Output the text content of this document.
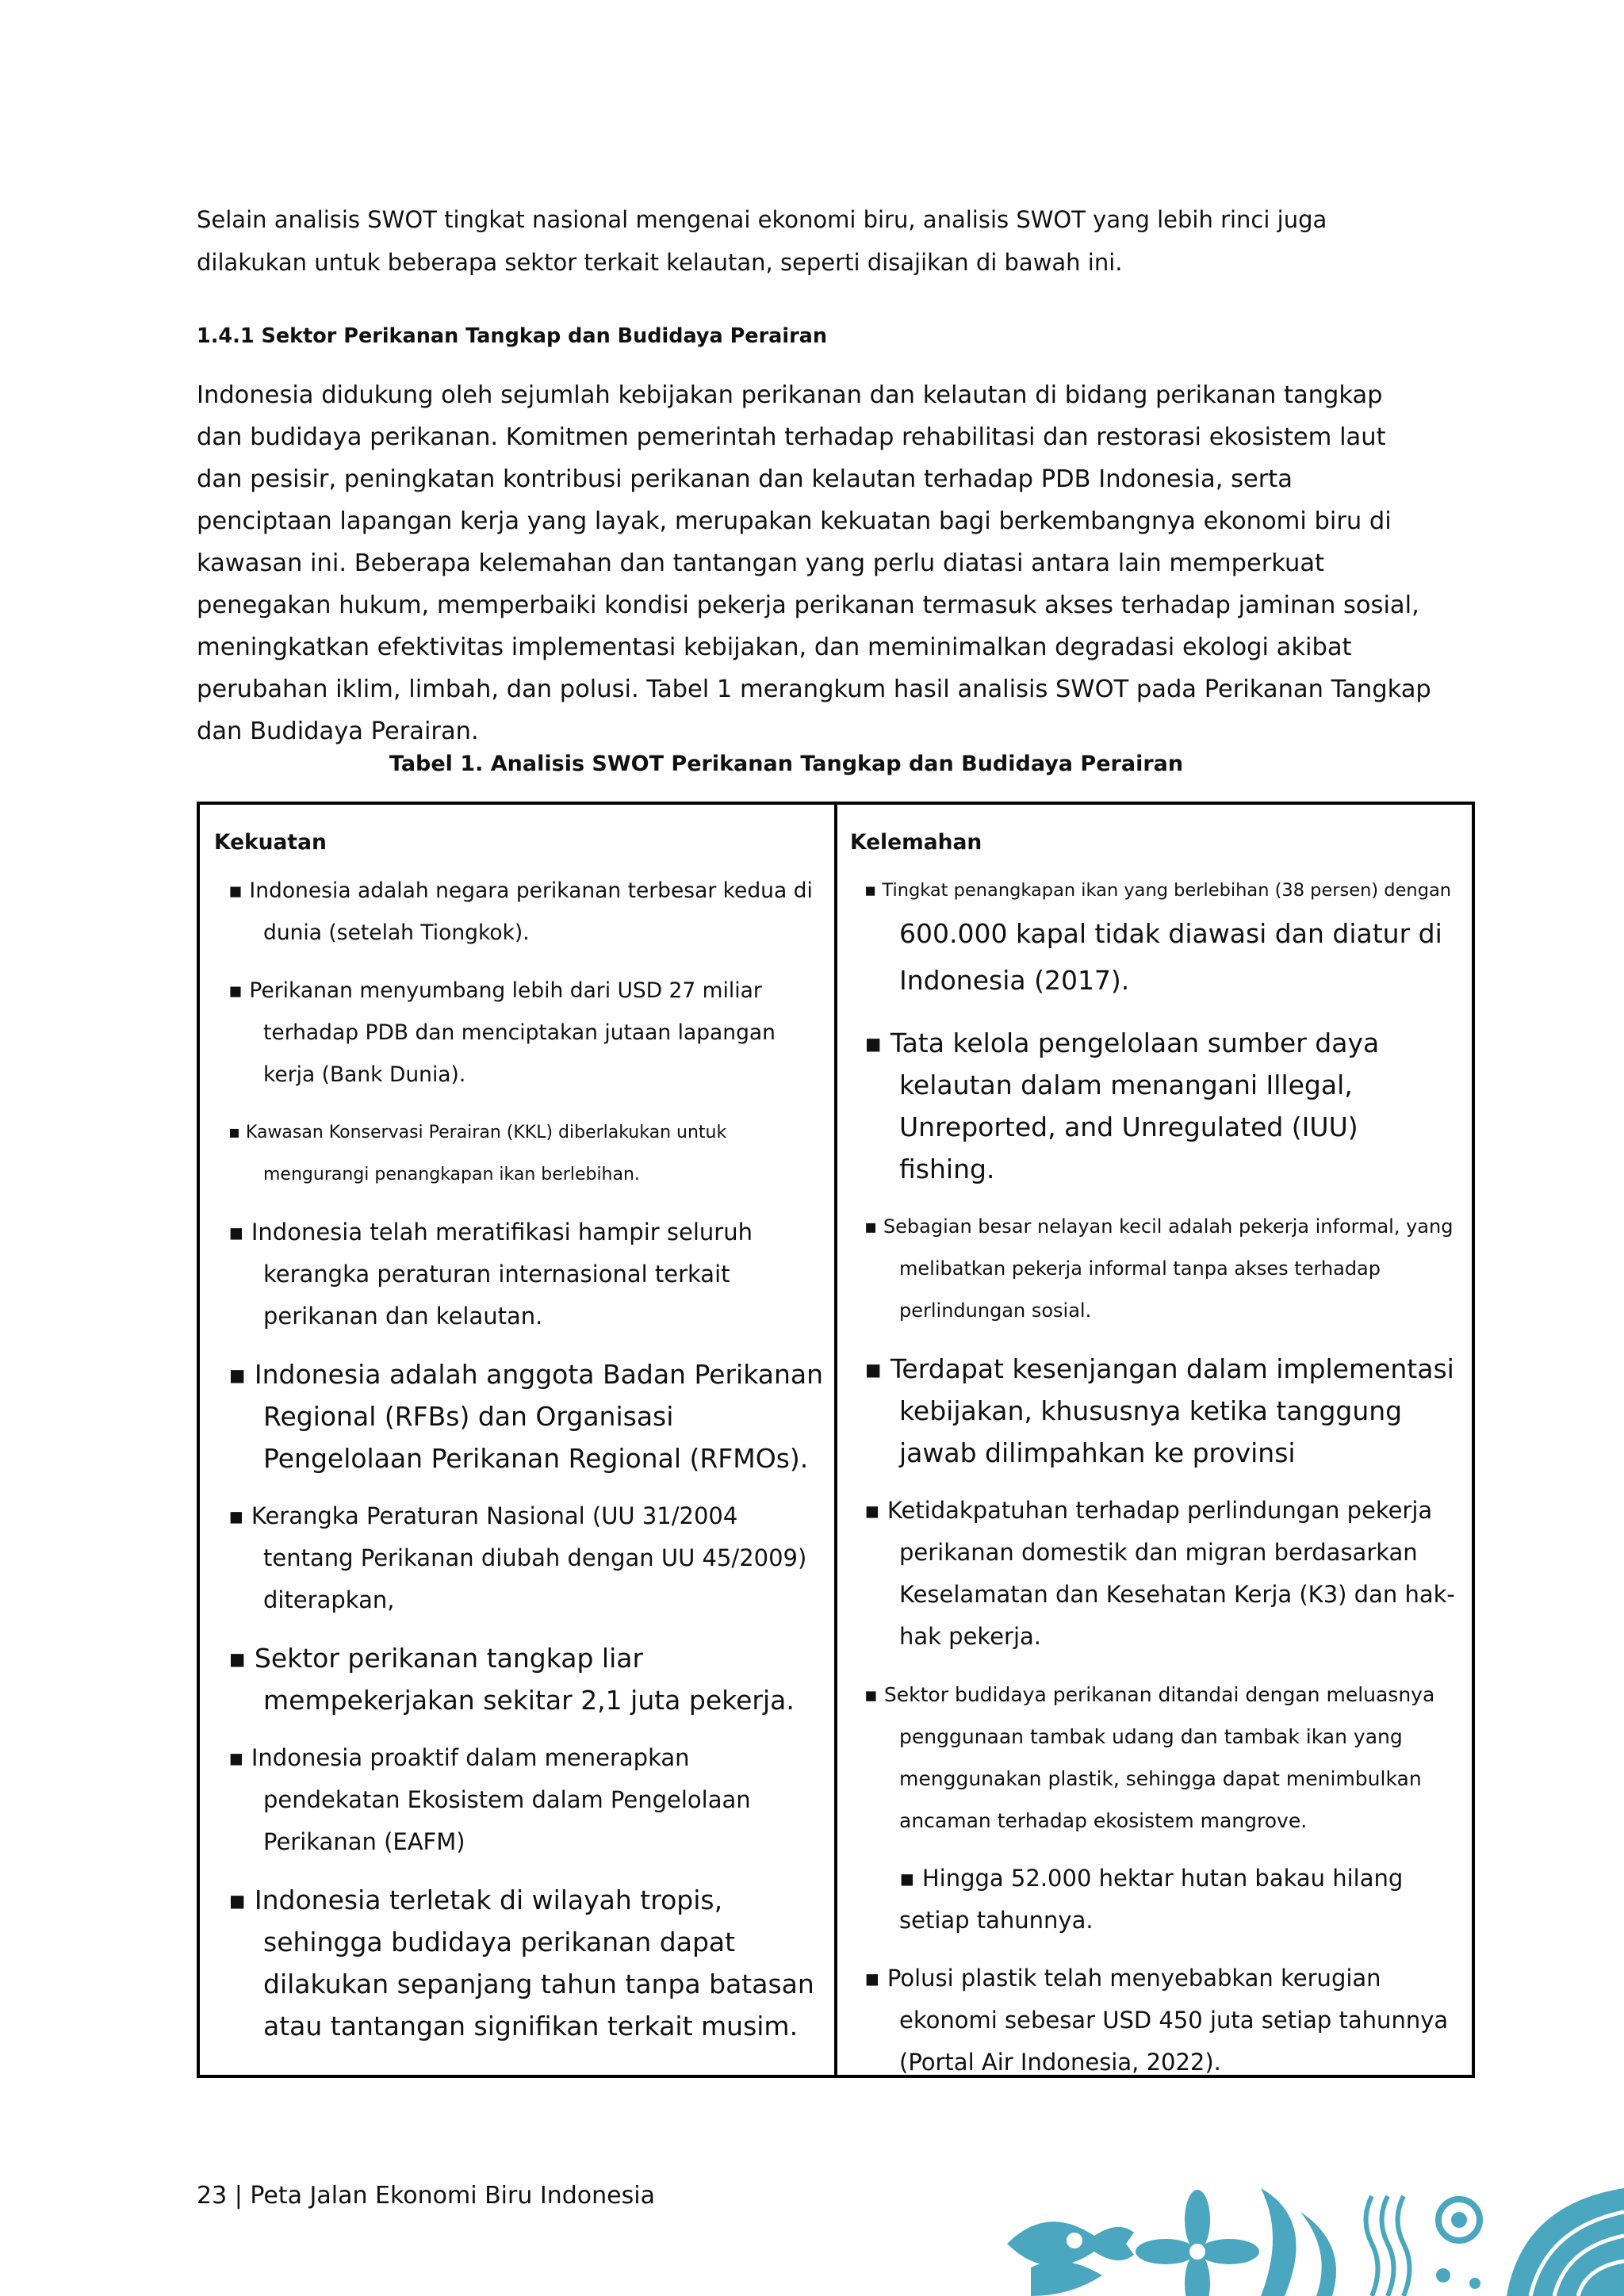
Selain analisis SWOT tingkat nasional mengenai ekonomi biru, analisis SWOT yang lebih rinci juga dilakukan untuk beberapa sektor terkait kelautan, seperti disajikan di bawah ini.

1.4.1 Sektor Perikanan Tangkap dan Budidaya Perairan

Indonesia didukung oleh sejumlah kebijakan perikanan dan kelautan di bidang perikanan tangkap dan budidaya perikanan. Komitmen pemerintah terhadap rehabilitasi dan restorasi ekosistem laut dan pesisir, peningkatan kontribusi perikanan dan kelautan terhadap PDB Indonesia, serta penciptaan lapangan kerja yang layak, merupakan kekuatan bagi berkembangnya ekonomi biru di kawasan ini. Beberapa kelemahan dan tantangan yang perlu diatasi antara lain memperkuat penegakan hukum, memperbaiki kondisi pekerja perikanan termasuk akses terhadap jaminan sosial, meningkatkan efektivitas implementasi kebijakan, dan meminimalkan degradasi ekologi akibat perubahan iklim, limbah, dan polusi. Tabel 1 merangkum hasil analisis SWOT pada Perikanan Tangkap dan Budidaya Perairan.

Tabel 1. Analisis SWOT Perikanan Tangkap dan Budidaya Perairan

Kekuatan

▪ Indonesia adalah negara perikanan terbesar kedua di dunia (setelah Tiongkok).
▪ Perikanan menyumbang lebih dari USD 27 miliar terhadap PDB dan menciptakan jutaan lapangan kerja (Bank Dunia).
▪ Kawasan Konservasi Perairan (KKL) diberlakukan untuk mengurangi penangkapan ikan berlebihan.
▪ Indonesia telah meratifikasi hampir seluruh kerangka peraturan internasional terkait perikanan dan kelautan.
▪ Indonesia adalah anggota Badan Perikanan Regional (RFBs) dan Organisasi Pengelolaan Perikanan Regional (RFMOs).
▪ Kerangka Peraturan Nasional (UU 31/2004 tentang Perikanan diubah dengan UU 45/2009) diterapkan,
▪ Sektor perikanan tangkap liar mempekerjakan sekitar 2,1 juta pekerja.
▪ Indonesia proaktif dalam menerapkan pendekatan Ekosistem dalam Pengelolaan Perikanan (EAFM)
▪ Indonesia terletak di wilayah tropis, sehingga budidaya perikanan dapat dilakukan sepanjang tahun tanpa batasan atau tantangan signifikan terkait musim.

Kelemahan

▪ Tingkat penangkapan ikan yang berlebihan (38 persen) dengan 600.000 kapal tidak diawasi dan diatur di Indonesia (2017).
▪ Tata kelola pengelolaan sumber daya kelautan dalam menangani Illegal, Unreported, and Unregulated (IUU) fishing.
▪ Sebagian besar nelayan kecil adalah pekerja informal, yang melibatkan pekerja informal tanpa akses terhadap perlindungan sosial.
▪ Terdapat kesenjangan dalam implementasi kebijakan, khususnya ketika tanggung jawab dilimpahkan ke provinsi
▪ Ketidakpatuhan terhadap perlindungan pekerja perikanan domestik dan migran berdasarkan Keselamatan dan Kesehatan Kerja (K3) dan hak-hak pekerja.
▪ Sektor budidaya perikanan ditandai dengan meluasnya penggunaan tambak udang dan tambak ikan yang menggunakan plastik, sehingga dapat menimbulkan ancaman terhadap ekosistem mangrove.
▪ Hingga 52.000 hektar hutan bakau hilang setiap tahunnya.
▪ Polusi plastik telah menyebabkan kerugian ekonomi sebesar USD 450 juta setiap tahunnya (Portal Air Indonesia, 2022).

23 | Peta Jalan Ekonomi Biru Indonesia
